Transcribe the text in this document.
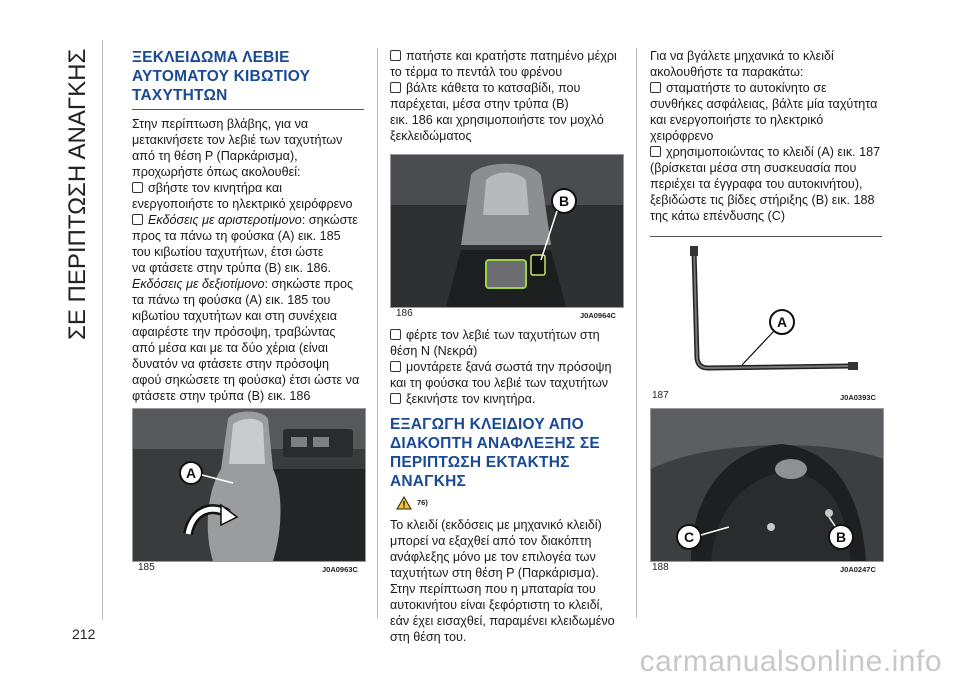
ΣΕ ΠΕΡΙΠΤΩΣΗ ΑΝΑΓΚΗΣ
212
ΞΕΚΛΕΙΔΩΜΑ ΛΕΒΙΕ
ΑΥΤΟΜΑΤΟΥ ΚΙΒΩΤΙΟΥ
ΤΑΧΥΤΗΤΩΝ

Στην περίπτωση βλάβης, για να

μετακινήσετε τον λεβιέ των ταχυτήτων

από τη θέση P (Παρκάρισμα),

προχωρήστε όπως ακολουθεί:

σβήστε τον κινητήρα και

ενεργοποιήστε το ηλεκτρικό χειρόφρενο

Εκδόσεις με αριστεροτίμονο: σηκώστε

προς τα πάνω τη φούσκα (A) εικ. 185

του κιβωτίου ταχυτήτων, έτσι ώστε

να φτάσετε στην τρύπα (B) εικ. 186.

Εκδόσεις με δεξιοτίμονο: σηκώστε προς

τα πάνω τη φούσκα (A) εικ. 185 του

κιβωτίου ταχυτήτων και στη συνέχεια

αφαιρέστε την πρόσοψη, τραβώντας

από μέσα και με τα δύο χέρια (είναι

δυνατόν να φτάσετε στην πρόσοψη

αφού σηκώσετε τη φούσκα) έτσι ώστε να

φτάσετε στην τρύπα (B) εικ. 186

A
185	J0A0963C

πατήστε και κρατήστε πατημένο μέχρι

το τέρμα το πεντάλ του φρένου

βάλτε κάθετα το κατσαβίδι, που

παρέχεται, μέσα στην τρύπα (B)

εικ. 186 και χρησιμοποιήστε τον μοχλό

ξεκλειδώματος

B
186	J0A0964C

φέρτε τον λεβιέ των ταχυτήτων στη

θέση N (Νεκρά)

μοντάρετε ξανά σωστά την πρόσοψη

και τη φούσκα του λεβιέ των ταχυτήτων

ξεκινήστε τον κινητήρα.

ΕΞΑΓΩΓΗ ΚΛΕΙΔΙΟΥ ΑΠΟ
ΔΙΑΚΟΠΤΗ ΑΝΑΦΛΕΞΗΣ ΣΕ
ΠΕΡΙΠΤΩΣΗ ΕΚΤΑΚΤΗΣ ΑΝΑΓΚΗΣ
76)

Το κλειδί (εκδόσεις με μηχανικό κλειδί)

μπορεί να εξαχθεί από τον διακόπτη

ανάφλεξης μόνο με τον επιλογέα των

ταχυτήτων στη θέση P (Παρκάρισμα).

Στην περίπτωση που η μπαταρία του

αυτοκινήτου είναι ξεφόρτιστη το κλειδί,

εάν έχει εισαχθεί, παραμένει κλειδωμένο

στη θέση του.

Για να βγάλετε μηχανικά το κλειδί

ακολουθήστε τα παρακάτω:

σταματήστε το αυτοκίνητο σε

συνθήκες ασφάλειας, βάλτε μία ταχύτητα

και ενεργοποιήστε το ηλεκτρικό

χειρόφρενο

χρησιμοποιώντας το κλειδί (A) εικ. 187

(βρίσκεται μέσα στη συσκευασία που

περιέχει τα έγγραφα του αυτοκινήτου),

ξεβιδώστε τις βίδες στήριξης (B) εικ. 188

της κάτω επένδυσης (C)

A
187	J0A0393C
C	B
188	J0A0247C
carmanualsonline.info
